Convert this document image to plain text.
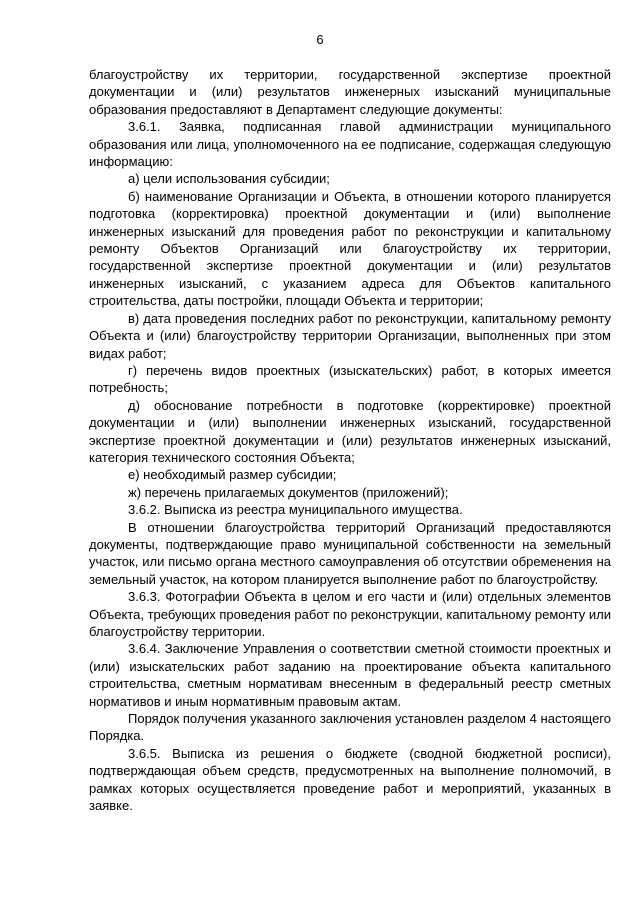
6

благоустройству их территории, государственной экспертизе проектной документации и (или) результатов инженерных изысканий муниципальные образования предоставляют в Департамент следующие документы:

3.6.1. Заявка, подписанная главой администрации муниципального образования или лица, уполномоченного на ее подписание, содержащая следующую информацию:

а) цели использования субсидии;

б) наименование Организации и Объекта, в отношении которого планируется подготовка (корректировка) проектной документации и (или) выполнение инженерных изысканий для проведения работ по реконструкции и капитальному ремонту Объектов Организаций или благоустройству их территории, государственной экспертизе проектной документации и (или) результатов инженерных изысканий, с указанием адреса для Объектов капитального строительства, даты постройки, площади Объекта и территории;

в) дата проведения последних работ по реконструкции, капитальному ремонту Объекта и (или) благоустройству территории Организации, выполненных при этом видах работ;

г) перечень видов проектных (изыскательских) работ, в которых имеется потребность;

д) обоснование потребности в подготовке (корректировке) проектной документации и (или) выполнении инженерных изысканий, государственной экспертизе проектной документации и (или) результатов инженерных изысканий, категория технического состояния Объекта;

е) необходимый размер субсидии;

ж) перечень прилагаемых документов (приложений);

3.6.2. Выписка из реестра муниципального имущества.

В отношении благоустройства территорий Организаций предоставляются документы, подтверждающие право муниципальной собственности на земельный участок, или письмо органа местного самоуправления об отсутствии обременения на земельный участок, на котором планируется выполнение работ по благоустройству.

3.6.3. Фотографии Объекта в целом и его части и (или) отдельных элементов Объекта, требующих проведения работ по реконструкции, капитальному ремонту или благоустройству территории.

3.6.4. Заключение Управления о соответствии сметной стоимости проектных и (или) изыскательских работ заданию на проектирование объекта капитального строительства, сметным нормативам внесенным в федеральный реестр сметных нормативов и иным нормативным правовым актам.

Порядок получения указанного заключения установлен разделом 4 настоящего Порядка.

3.6.5. Выписка из решения о бюджете (сводной бюджетной росписи), подтверждающая объем средств, предусмотренных на выполнение полномочий, в рамках которых осуществляется проведение работ и мероприятий, указанных в заявке.
